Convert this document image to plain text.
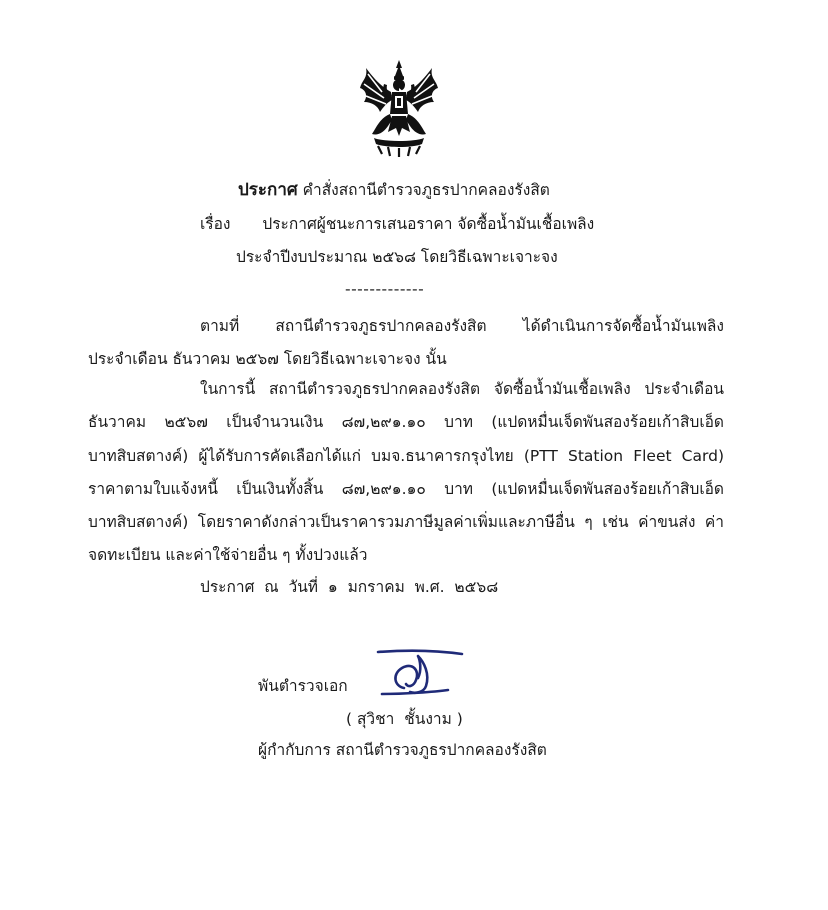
ประกาศ คำสั่งสถานีตำรวจภูธรปากคลองรังสิต
เรื่อง ประกาศผู้ชนะการเสนอราคา จัดซื้อน้ำมันเชื้อเพลิง
ประจำปีงบประมาณ ๒๕๖๘ โดยวิธีเฉพาะเจาะจง
-------------
ตามที่ สถานีตำรวจภูธรปากคลองรังสิต ได้ดำเนินการจัดซื้อน้ำมันเพลิง
ประจำเดือน ธันวาคม ๒๕๖๗ โดยวิธีเฉพาะเจาะจง นั้น
ในการนี้ สถานีตำรวจภูธรปากคลองรังสิต จัดซื้อน้ำมันเชื้อเพลิง ประจำเดือน
ธันวาคม ๒๕๖๗ เป็นจำนวนเงิน ๘๗,๒๙๑.๑๐ บาท (แปดหมื่นเจ็ดพันสองร้อยเก้าสิบเอ็ด
บาทสิบสตางค์) ผู้ได้รับการคัดเลือกได้แก่ บมจ.ธนาคารกรุงไทย (PTT Station Fleet Card)
ราคาตามใบแจ้งหนี้ เป็นเงินทั้งสิ้น ๘๗,๒๙๑.๑๐ บาท (แปดหมื่นเจ็ดพันสองร้อยเก้าสิบเอ็ด
บาทสิบสตางค์) โดยราคาดังกล่าวเป็นราคารวมภาษีมูลค่าเพิ่มและภาษีอื่น ๆ เช่น ค่าขนส่ง ค่า
จดทะเบียน และค่าใช้จ่ายอื่น ๆ ทั้งปวงแล้ว
ประกาศ  ณ  วันที่  ๑  มกราคม  พ.ศ.  ๒๕๖๘
พันตำรวจเอก
( สุวิชา  ชั้นงาม )
ผู้กำกับการ สถานีตำรวจภูธรปากคลองรังสิต
